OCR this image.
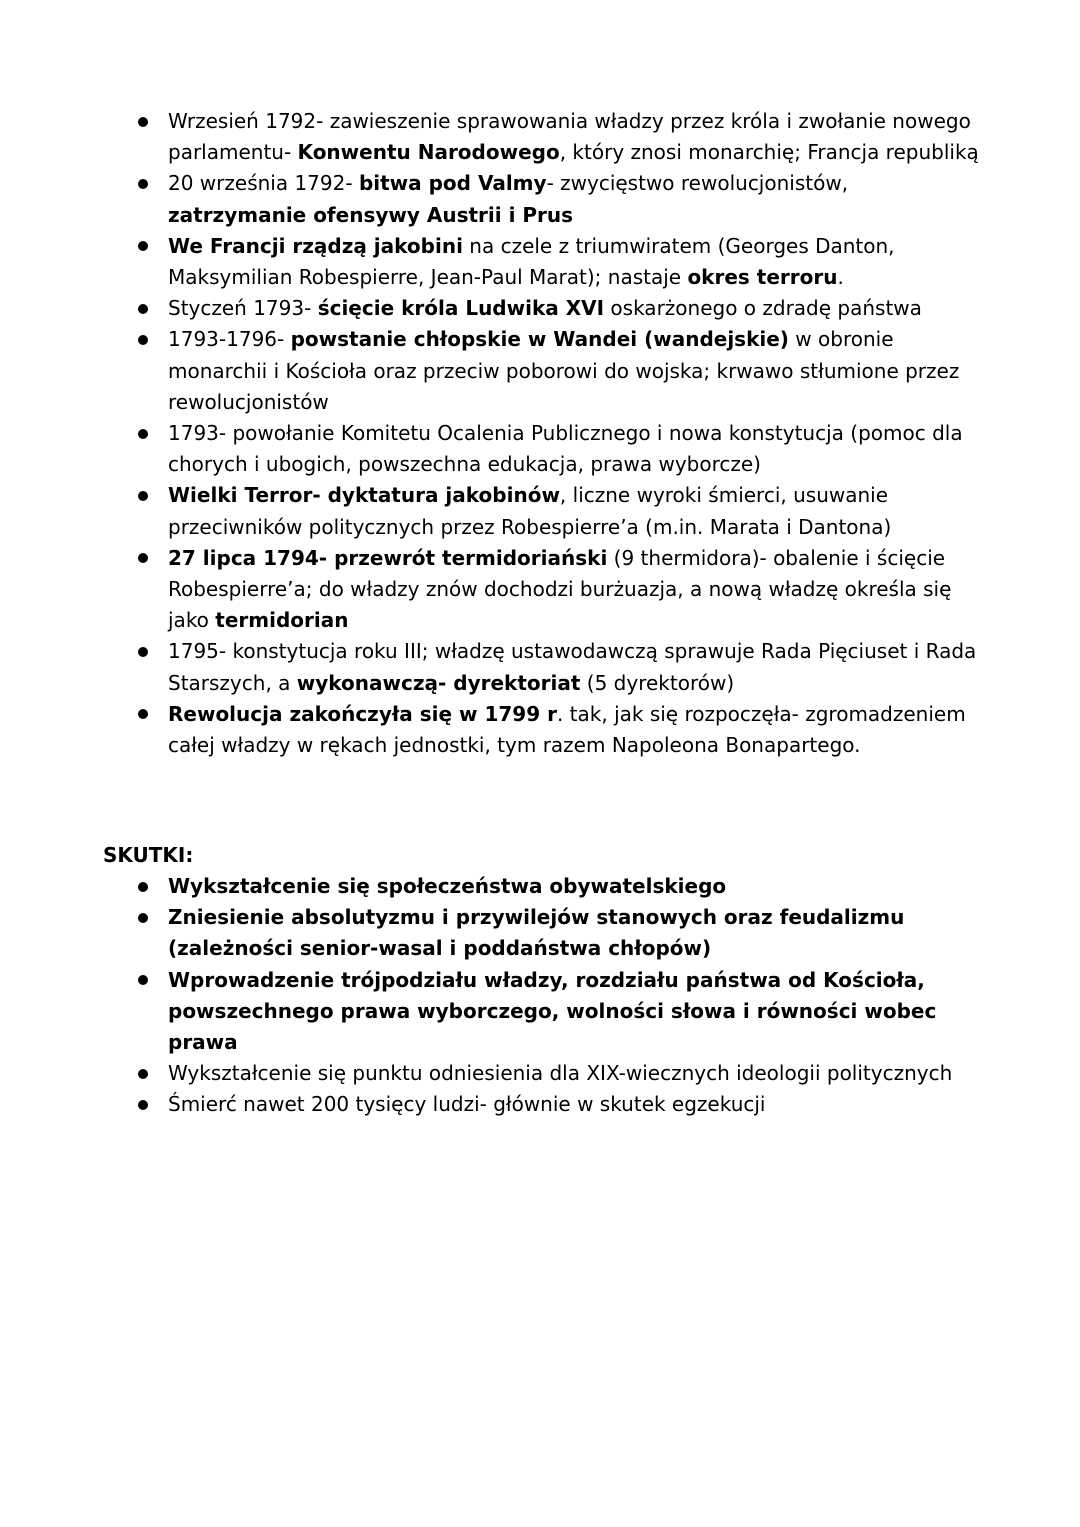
Wrzesień 1792- zawieszenie sprawowania władzy przez króla i zwołanie nowego parlamentu- Konwentu Narodowego, który znosi monarchię; Francja republiką
20 września 1792- bitwa pod Valmy- zwycięstwo rewolucjonistów, zatrzymanie ofensywy Austrii i Prus
We Francji rządzą jakobini na czele z triumwiratem (Georges Danton, Maksymilian Robespierre, Jean-Paul Marat); nastaje okres terroru.
Styczeń 1793- ścięcie króla Ludwika XVI oskarżonego o zdradę państwa
1793-1796- powstanie chłopskie w Wandei (wandejskie) w obronie monarchii i Kościoła oraz przeciw poborowi do wojska; krwawo stłumione przez rewolucjonistów
1793- powołanie Komitetu Ocalenia Publicznego i nowa konstytucja (pomoc dla chorych i ubogich, powszechna edukacja, prawa wyborcze)
Wielki Terror- dyktatura jakobinów, liczne wyroki śmierci, usuwanie przeciwników politycznych przez Robespierre’a (m.in. Marata i Dantona)
27 lipca 1794- przewrót termidoriański (9 thermidora)- obalenie i ścięcie Robespierre’a; do władzy znów dochodzi burżuazja, a nową władzę określa się jako termidorian
1795- konstytucja roku III; władzę ustawodawczą sprawuje Rada Pięciuset i Rada Starszych, a wykonawczą- dyrektoriat (5 dyrektorów)
Rewolucja zakończyła się w 1799 r. tak, jak się rozpoczęła- zgromadzeniem całej władzy w rękach jednostki, tym razem Napoleona Bonapartego.
SKUTKI:
Wykształcenie się społeczeństwa obywatelskiego
Zniesienie absolutyzmu i przywilejów stanowych oraz feudalizmu (zależności senior-wasal i poddaństwa chłopów)
Wprowadzenie trójpodziału władzy, rozdziału państwa od Kościoła, powszechnego prawa wyborczego, wolności słowa i równości wobec prawa
Wykształcenie się punktu odniesienia dla XIX-wiecznych ideologii politycznych
Śmierć nawet 200 tysięcy ludzi- głównie w skutek egzekucji
